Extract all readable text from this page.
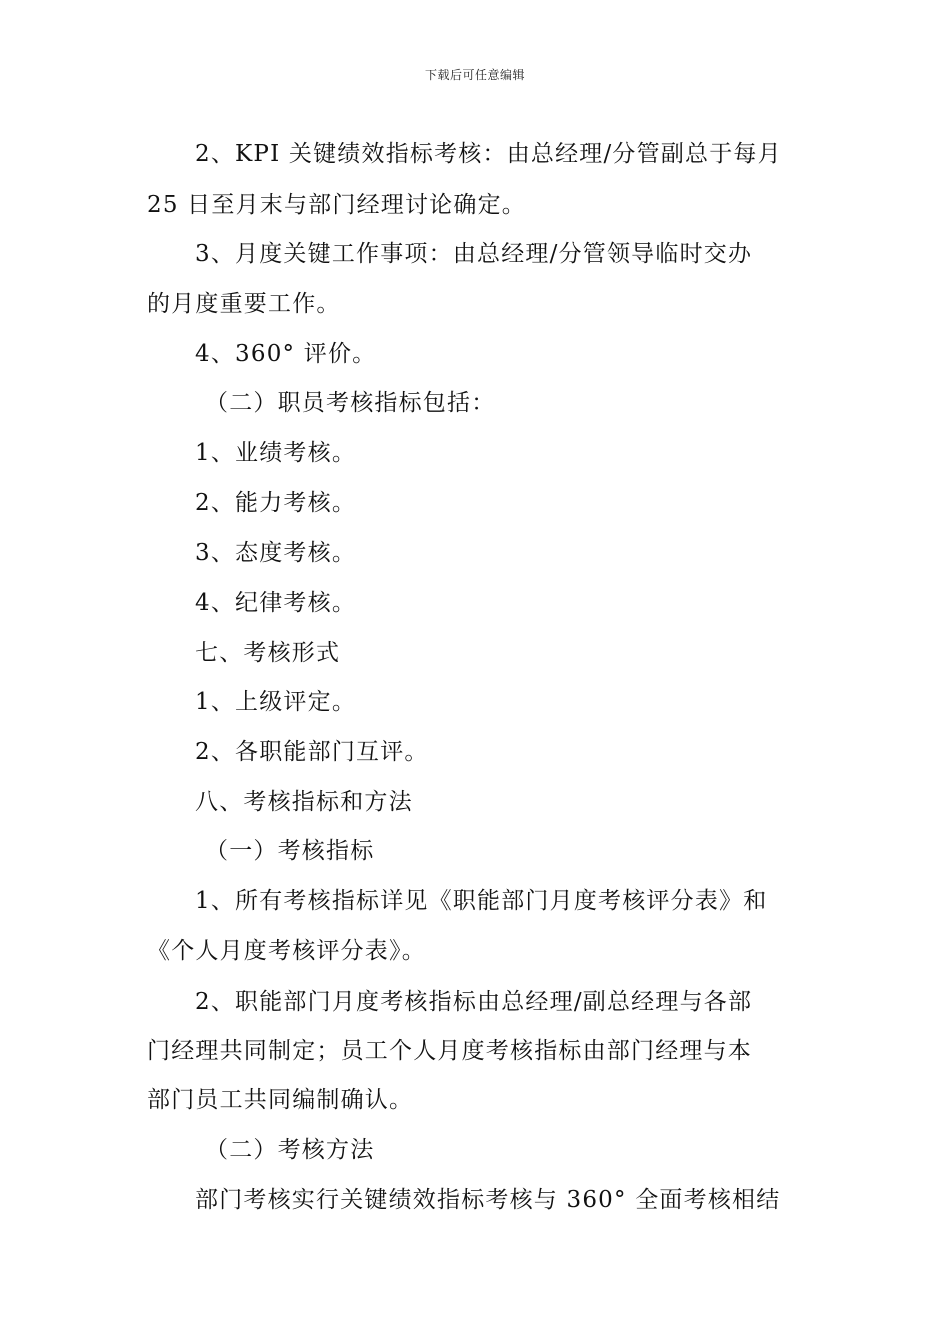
下载后可任意编辑
2、KPI 关键绩效指标考核：由总经理/分管副总于每月
25 日至月末与部门经理讨论确定。
3、月度关键工作事项：由总经理/分管领导临时交办
的月度重要工作。
4、360° 评价。
（二）职员考核指标包括：
1、业绩考核。
2、能力考核。
3、态度考核。
4、纪律考核。
七、考核形式
1、上级评定。
2、各职能部门互评。
八、考核指标和方法
（一）考核指标
1、所有考核指标详见《职能部门月度考核评分表》和
《个人月度考核评分表》。
2、职能部门月度考核指标由总经理/副总经理与各部
门经理共同制定；员工个人月度考核指标由部门经理与本
部门员工共同编制确认。
（二）考核方法
部门考核实行关键绩效指标考核与 360° 全面考核相结
